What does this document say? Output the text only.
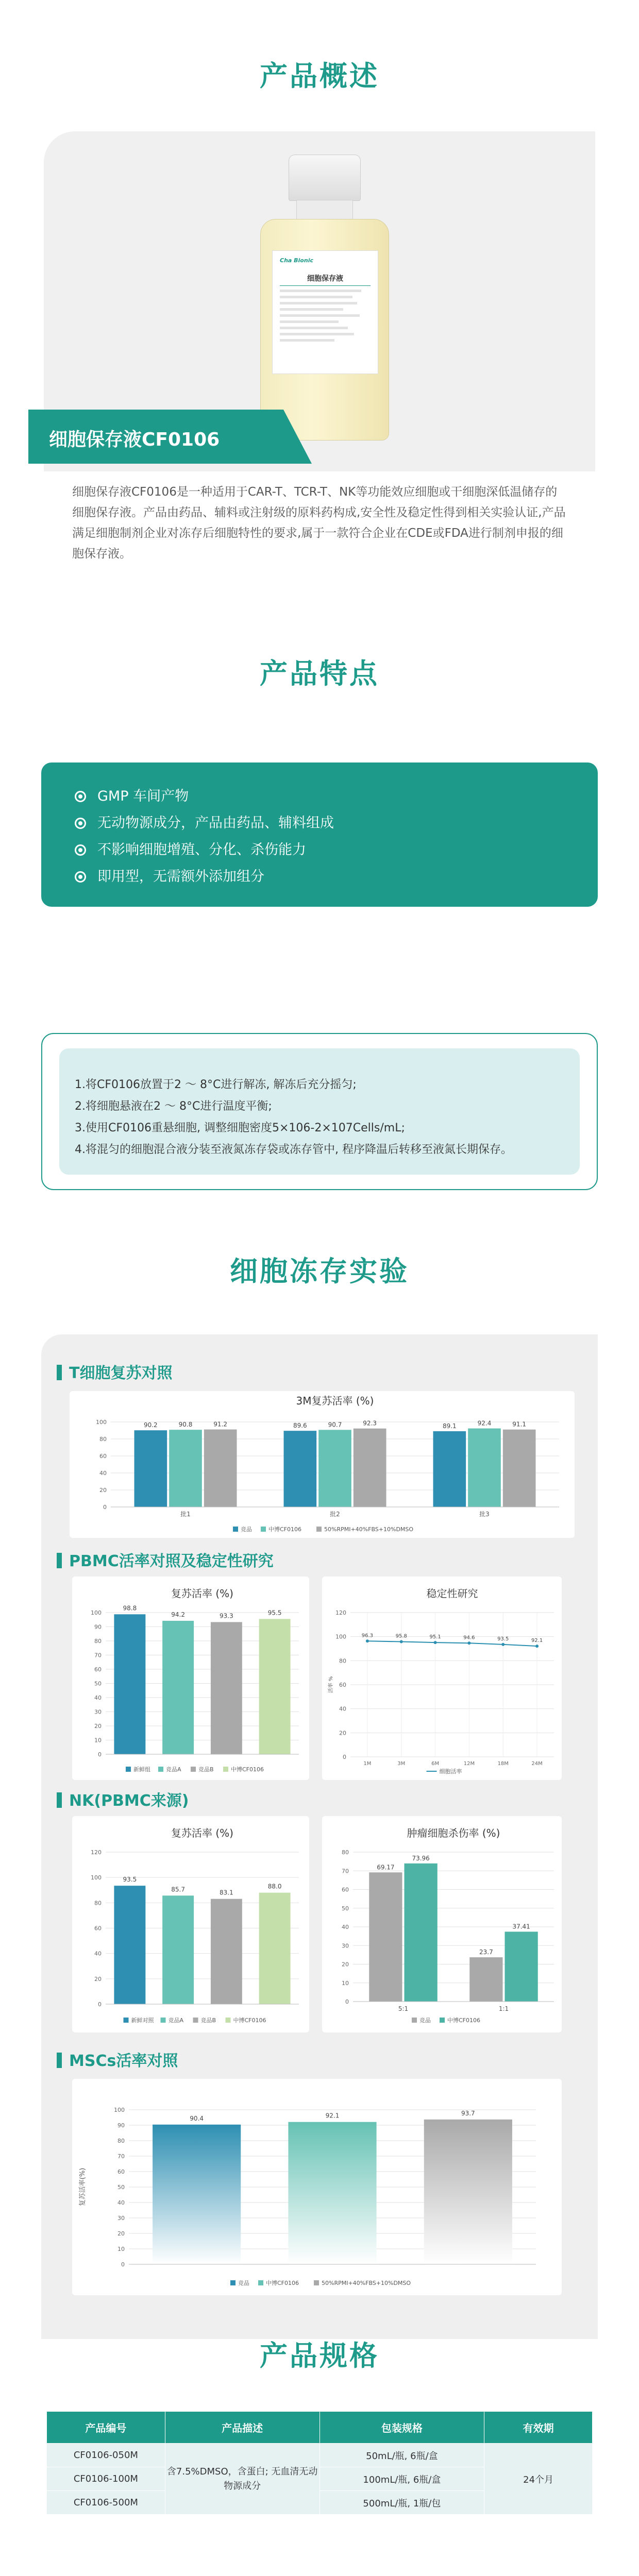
产品概述
Cha Bionic
细胞保存液
细胞保存液CF0106
细胞保存液CF0106是一种适用于CAR-T、TCR-T、NK等功能效应细胞或干细胞深低温储存的细胞保存液。产品由药品、辅料或注射级的原料药构成,安全性及稳定性得到相关实验认证,产品满足细胞制剂企业对冻存后细胞特性的要求,属于一款符合企业在CDE或FDA进行制剂申报的细胞保存液。
产品特点
GMP 车间产物
无动物源成分，产品由药品、辅料组成
不影响细胞增殖、分化、杀伤能力
即用型，无需额外添加组分
1.将CF0106放置于2 ～ 8°C进行解冻, 解冻后充分摇匀;
2.将细胞悬液在2 ～ 8°C进行温度平衡;
3.使用CF0106重悬细胞, 调整细胞密度5×106-2×107Cells/mL;
4.将混匀的细胞混合液分装至液氮冻存袋或冻存管中, 程序降温后转移至液氮长期保存。
细胞冻存实验
T细胞复苏对照
3M复苏活率 (%)
0
20
40
60
80
100	90.2	90.8	91.2
批1
89.6	90.7	92.3
批2
89.1	92.4	91.1
批3
竞品	中博CF0106	50%RPMI+40%FBS+10%DMSO
PBMC活率对照及稳定性研究
复苏活率 (%)
0
10
20
30
40
50
60
70
80
90
100
98.8
94.2	93.3	95.5
新鲜组	竞品A	竞品B	中博CF0106
稳定性研究
0
20
40
60
80
100
120
1M	3M	6M	12M	18M	24M
96.3	95.8	95.1	94.6	93.5	92.1
活率 %
细胞活率
NK(PBMC来源)
复苏活率 (%)
0
20
40
60
80
100
120
93.5
85.7	83.1
88.0
新鲜对照	竞品A	竞品B	中博CF0106
肿瘤细胞杀伤率 (%)
0
10
20
30
40
50
60
70
80
69.17
73.96
5:1
23.7
37.41
1:1
竞品	中博CF0106
MSCs活率对照
0
10
20
30
40
50
60
70
80
90
100
90.4	92.1	93.7
复苏活率(%)
竞品	中博CF0106	50%RPMI+40%FBS+10%DMSO
产品规格
产品编号	产品描述	包装规格	有效期
CF0106-050M	含7.5%DMSO，含蛋白; 无血清无动物源成分	50mL/瓶, 6瓶/盒	24个月
CF0106-100M		100mL/瓶, 6瓶/盒	
CF0106-500M		500mL/瓶, 1瓶/包	
